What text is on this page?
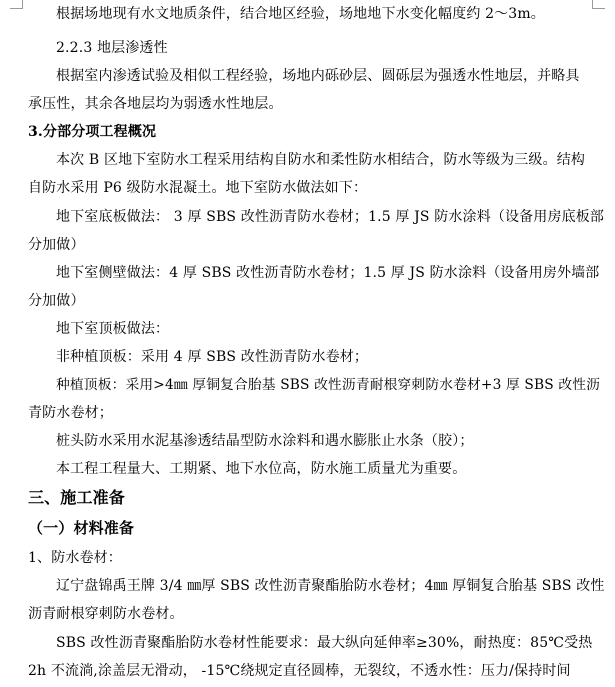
根据场地现有水文地质条件，结合地区经验，场地地下水变化幅度约 2～3m。
2.2.3 地层渗透性
根据室内渗透试验及相似工程经验，场地内砾砂层、圆砾层为强透水性地层，并略具
承压性，其余各地层均为弱透水性地层。
3.分部分项工程概况
本次 B 区地下室防水工程采用结构自防水和柔性防水相结合，防水等级为三级。结构
自防水采用 P6 级防水混凝土。地下室防水做法如下：
地下室底板做法： 3 厚 SBS 改性沥青防水卷材；1.5 厚 JS 防水涂料（设备用房底板部
分加做）
地下室侧壁做法：4 厚 SBS 改性沥青防水卷材；1.5 厚 JS 防水涂料（设备用房外墙部
分加做）
地下室顶板做法：
非种植顶板：采用 4 厚 SBS 改性沥青防水卷材；
种植顶板：采用>4㎜ 厚铜复合胎基 SBS 改性沥青耐根穿刺防水卷材+3 厚 SBS 改性沥
青防水卷材；
桩头防水采用水泥基渗透结晶型防水涂料和遇水膨胀止水条（胶）；
本工程工程量大、工期紧、地下水位高，防水施工质量尤为重要。
三、施工准备
（一）材料准备
1、防水卷材：
辽宁盘锦禹王牌 3/4 ㎜厚 SBS 改性沥青聚酯胎防水卷材；4㎜ 厚铜复合胎基 SBS 改性
沥青耐根穿刺防水卷材。
SBS 改性沥青聚酯胎防水卷材性能要求：最大纵向延伸率≥30%，耐热度：85℃受热
2h 不流淌,涂盖层无滑动， -15℃绕规定直径圆棒，无裂纹，不透水性：压力/保持时间
